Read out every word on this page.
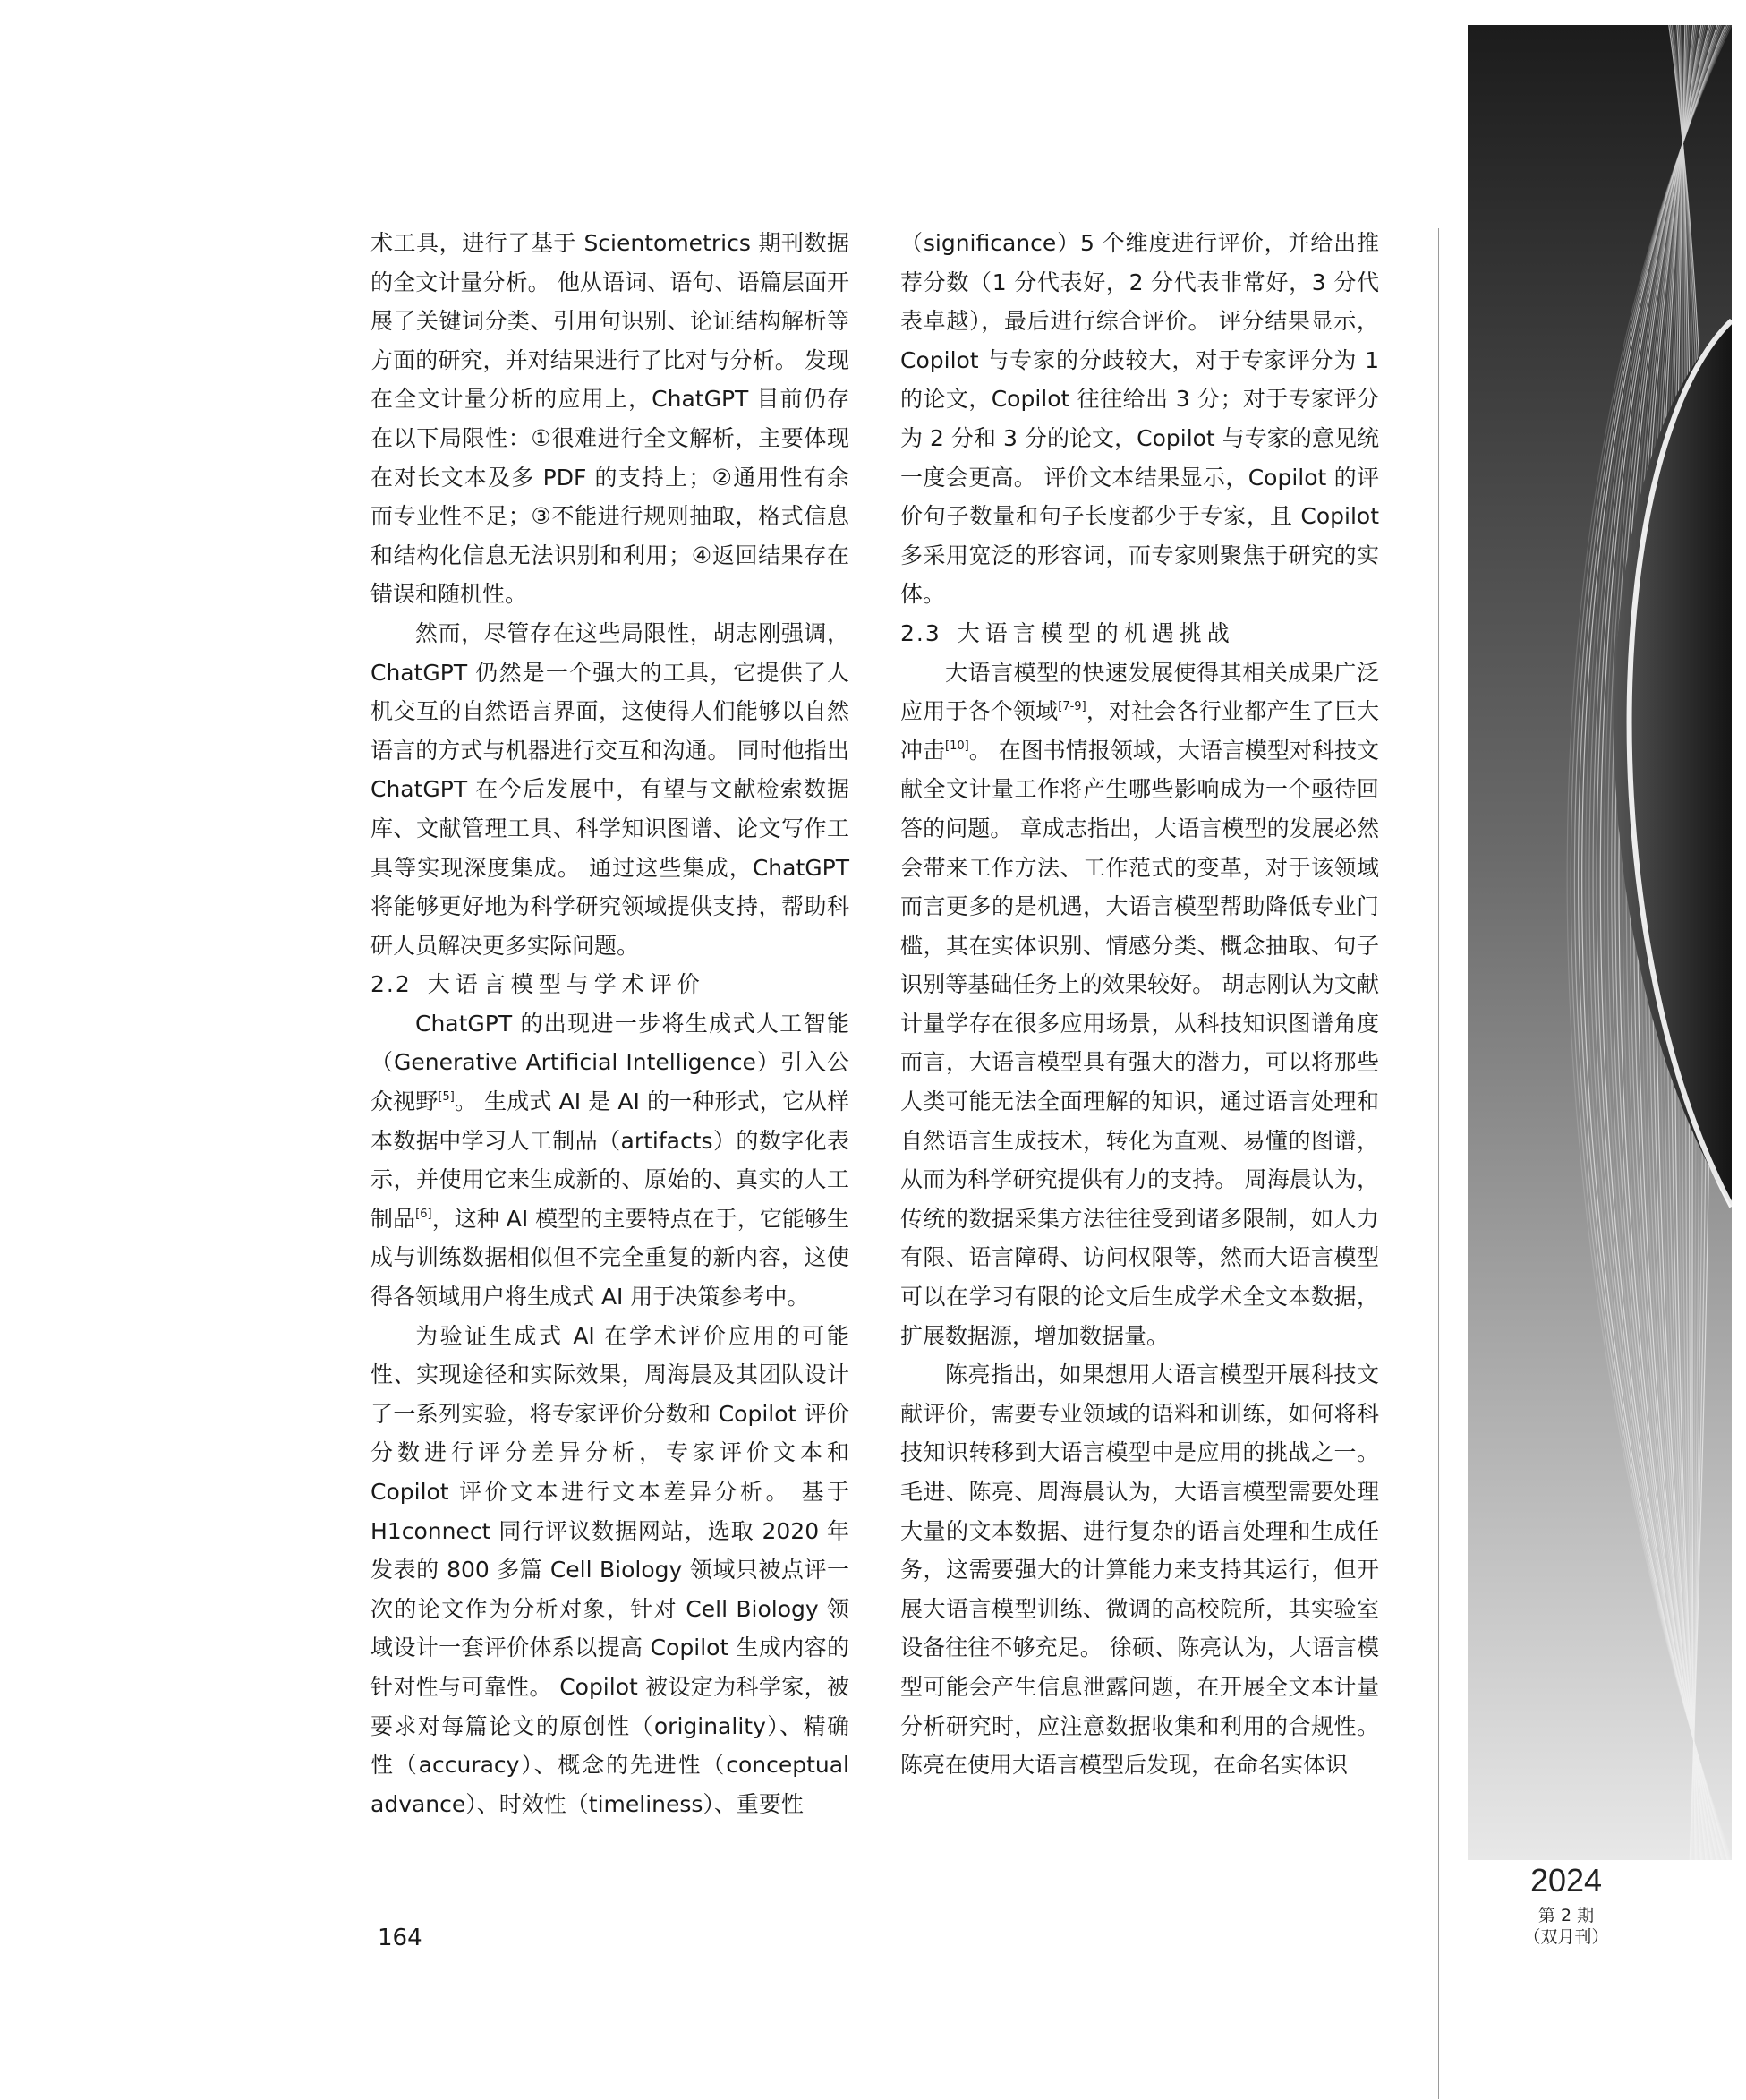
术工具，进行了基于 Scientometrics 期刊数据的全文计量分析。 他从语词、语句、语篇层面开展了关键词分类、引用句识别、论证结构解析等方面的研究，并对结果进行了比对与分析。 发现在全文计量分析的应用上，ChatGPT 目前仍存在以下局限性：①很难进行全文解析，主要体现在对长文本及多 PDF 的支持上；②通用性有余而专业性不足；③不能进行规则抽取，格式信息和结构化信息无法识别和利用；④返回结果存在错误和随机性。

然而，尽管存在这些局限性，胡志刚强调，ChatGPT 仍然是一个强大的工具，它提供了人机交互的自然语言界面，这使得人们能够以自然语言的方式与机器进行交互和沟通。 同时他指出 ChatGPT 在今后发展中，有望与文献检索数据库、文献管理工具、科学知识图谱、论文写作工具等实现深度集成。 通过这些集成，ChatGPT 将能够更好地为科学研究领域提供支持，帮助科研人员解决更多实际问题。

2.2 大语言模型与学术评价

ChatGPT 的出现进一步将生成式人工智能（Generative Artificial Intelligence）引入公众视野[5]。 生成式 AI 是 AI 的一种形式，它从样本数据中学习人工制品（artifacts）的数字化表示，并使用它来生成新的、原始的、真实的人工制品[6]，这种 AI 模型的主要特点在于，它能够生成与训练数据相似但不完全重复的新内容，这使得各领域用户将生成式 AI 用于决策参考中。

为验证生成式 AI 在学术评价应用的可能性、实现途径和实际效果，周海晨及其团队设计了一系列实验，将专家评价分数和 Copilot 评价分数进行评分差异分析，专家评价文本和 Copilot 评价文本进行文本差异分析。 基于 H1connect 同行评议数据网站，选取 2020 年发表的 800 多篇 Cell Biology 领域只被点评一次的论文作为分析对象，针对 Cell Biology 领域设计一套评价体系以提高 Copilot 生成内容的针对性与可靠性。 Copilot 被设定为科学家，被要求对每篇论文的原创性（originality）、精确性（accuracy）、概念的先进性（conceptual advance）、时效性（timeliness）、重要性

（significance）5 个维度进行评价，并给出推荐分数（1 分代表好，2 分代表非常好，3 分代表卓越），最后进行综合评价。 评分结果显示，Copilot 与专家的分歧较大，对于专家评分为 1 的论文，Copilot 往往给出 3 分；对于专家评分为 2 分和 3 分的论文，Copilot 与专家的意见统一度会更高。 评价文本结果显示，Copilot 的评价句子数量和句子长度都少于专家，且 Copilot 多采用宽泛的形容词，而专家则聚焦于研究的实体。

2.3 大语言模型的机遇挑战

大语言模型的快速发展使得其相关成果广泛应用于各个领域[7-9]，对社会各行业都产生了巨大冲击[10]。 在图书情报领域，大语言模型对科技文献全文计量工作将产生哪些影响成为一个亟待回答的问题。 章成志指出，大语言模型的发展必然会带来工作方法、工作范式的变革，对于该领域而言更多的是机遇，大语言模型帮助降低专业门槛，其在实体识别、情感分类、概念抽取、句子识别等基础任务上的效果较好。 胡志刚认为文献计量学存在很多应用场景，从科技知识图谱角度而言，大语言模型具有强大的潜力，可以将那些人类可能无法全面理解的知识，通过语言处理和自然语言生成技术，转化为直观、易懂的图谱，从而为科学研究提供有力的支持。 周海晨认为，传统的数据采集方法往往受到诸多限制，如人力有限、语言障碍、访问权限等，然而大语言模型可以在学习有限的论文后生成学术全文本数据，扩展数据源，增加数据量。

陈亮指出，如果想用大语言模型开展科技文献评价，需要专业领域的语料和训练，如何将科技知识转移到大语言模型中是应用的挑战之一。 毛进、陈亮、周海晨认为，大语言模型需要处理大量的文本数据、进行复杂的语言处理和生成任务，这需要强大的计算能力来支持其运行，但开展大语言模型训练、微调的高校院所，其实验室设备往往不够充足。 徐硕、陈亮认为，大语言模型可能会产生信息泄露问题，在开展全文本计量分析研究时，应注意数据收集和利用的合规性。 陈亮在使用大语言模型后发现，在命名实体识

164
2024
第 2 期
（双月刊）
